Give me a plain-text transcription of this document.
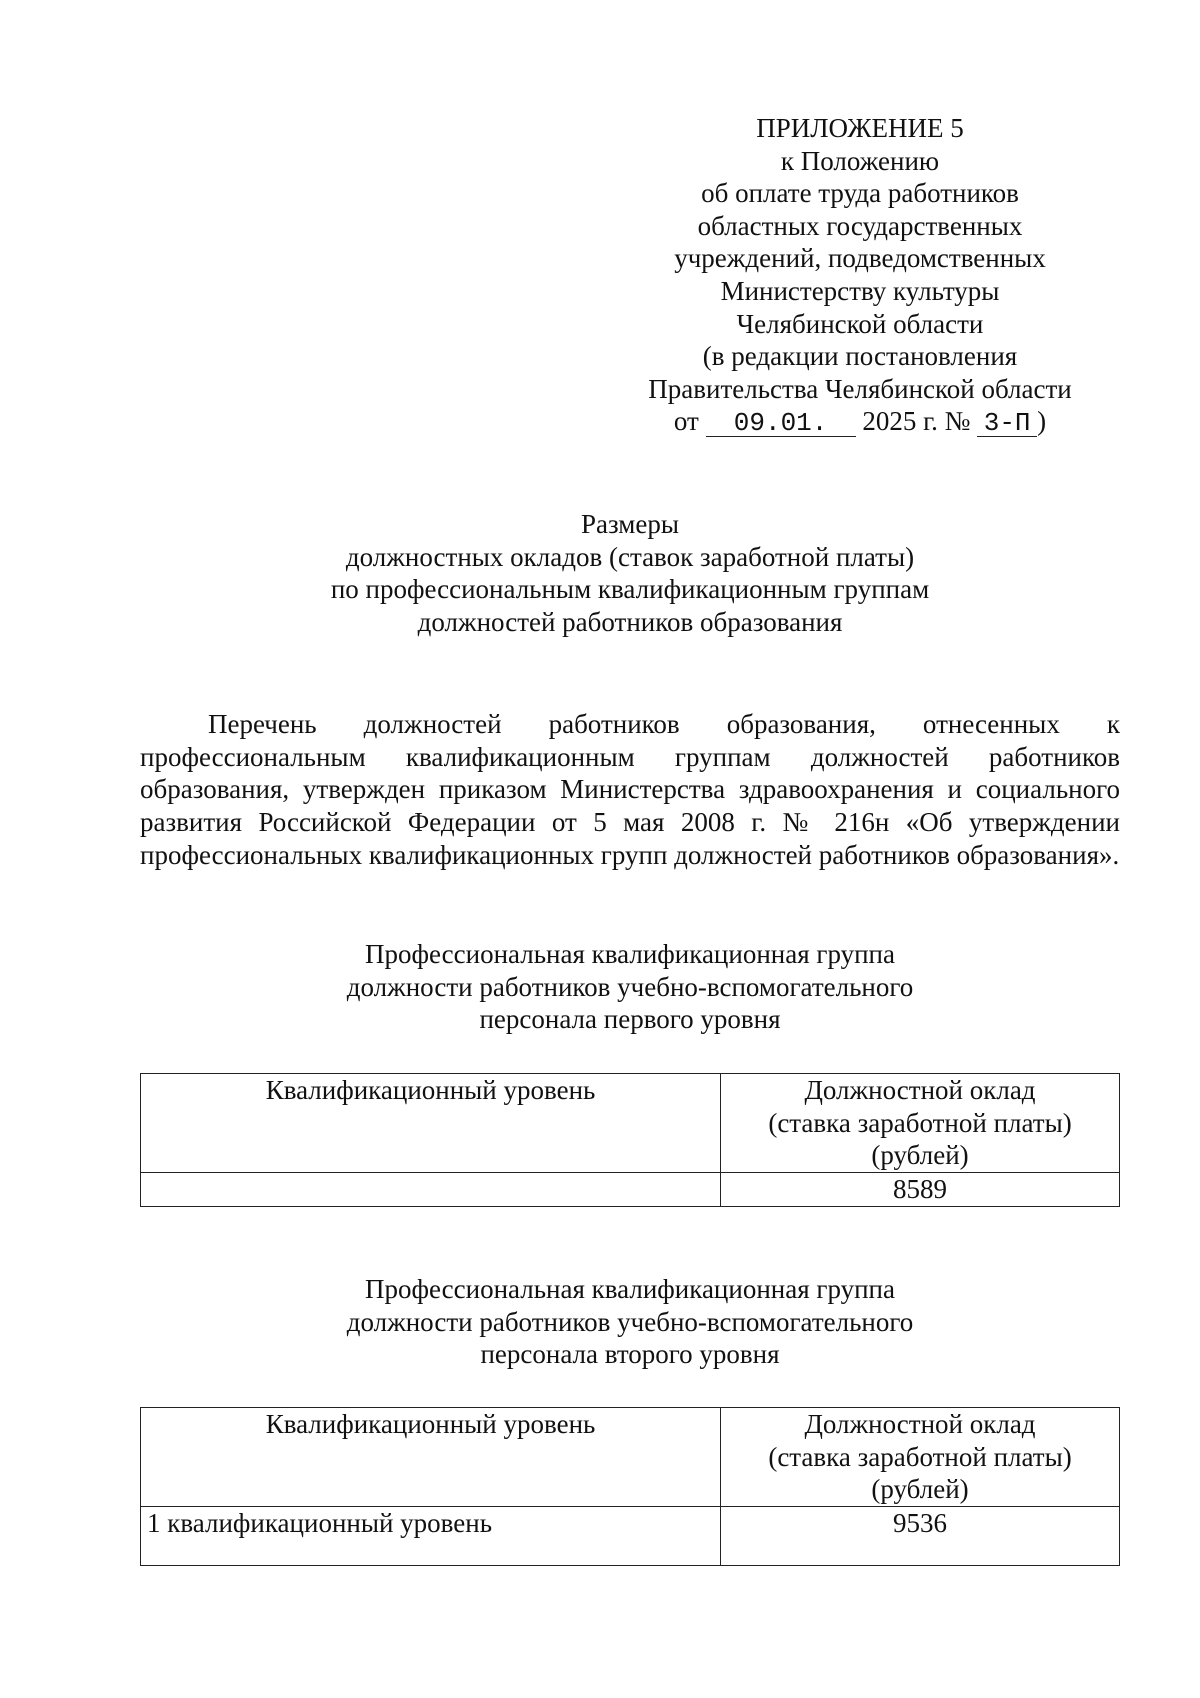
ПРИЛОЖЕНИЕ 5
к Положению
об оплате труда работников
областных государственных
учреждений, подведомственных
Министерству культуры
Челябинской области
(в редакции постановления
Правительства Челябинской области
от 09.01. 2025 г. № 3-П )
Размеры
должностных окладов (ставок заработной платы)
по профессиональным квалификационным группам
должностей работников образования
Перечень должностей работников образования, отнесенных к профессиональным квалификационным группам должностей работников образования, утвержден приказом Министерства здравоохранения и социального развития Российской Федерации от 5 мая 2008 г. № 216н «Об утверждении профессиональных квалификационных групп должностей работников образования».
Профессиональная квалификационная группа
должности работников учебно-вспомогательного
персонала первого уровня
Квалификационный уровень	Должностной оклад
(ставка заработной платы)
(рублей)

	8589
Профессиональная квалификационная группа
должности работников учебно-вспомогательного
персонала второго уровня
Квалификационный уровень	Должностной оклад
(ставка заработной платы)
(рублей)

1 квалификационный уровень	9536
